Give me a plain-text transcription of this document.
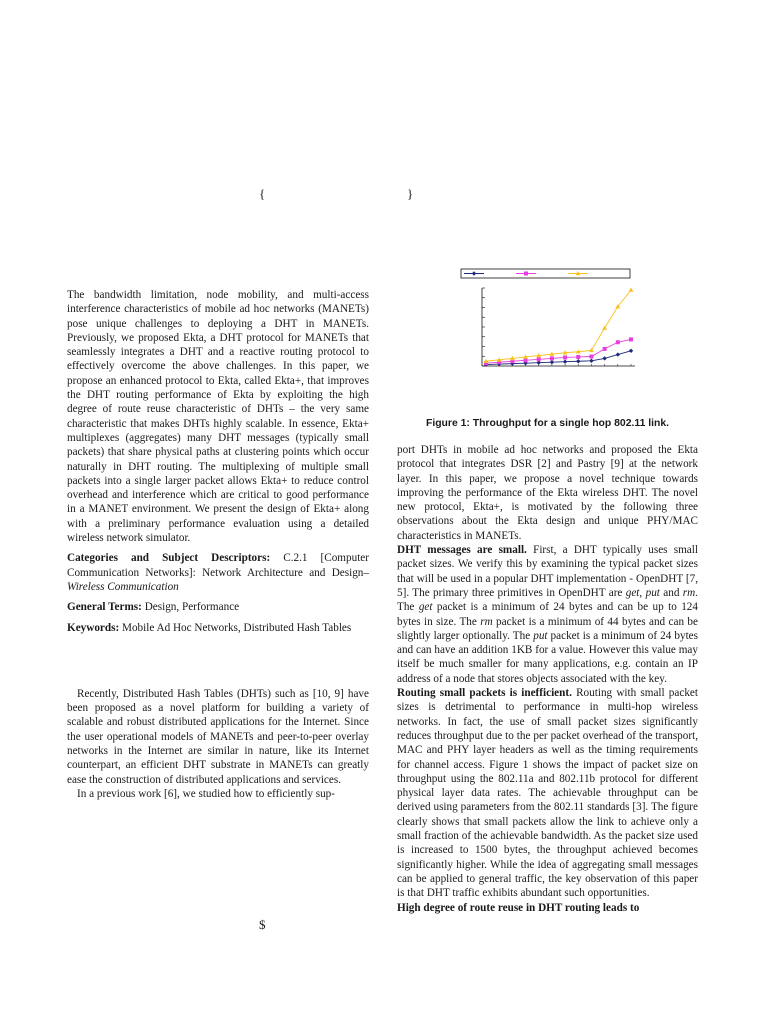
{	}

The bandwidth limitation, node mobility, and multi-access interference characteristics of mobile ad hoc networks (MANETs) pose unique challenges to deploying a DHT in MANETs. Previously, we proposed Ekta, a DHT protocol for MANETs that seamlessly integrates a DHT and a reactive routing protocol to effectively overcome the above challenges. In this paper, we propose an enhanced protocol to Ekta, called Ekta+, that improves the DHT routing performance of Ekta by exploiting the high degree of route reuse characteristic of DHTs – the very same characteristic that makes DHTs highly scalable. In essence, Ekta+ multiplexes (aggregates) many DHT messages (typically small packets) that share physical paths at clustering points which occur naturally in DHT routing. The multiplexing of multiple small packets into a single larger packet allows Ekta+ to reduce control overhead and interference which are critical to good performance in a MANET environment. We present the design of Ekta+ along with a preliminary performance evaluation using a detailed wireless network simulator.

Categories and Subject Descriptors: C.2.1 [Computer Communication Networks]: Network Architecture and Design– Wireless Communication

General Terms: Design, Performance

Keywords: Mobile Ad Hoc Networks, Distributed Hash Tables

Recently, Distributed Hash Tables (DHTs) such as [10, 9] have been proposed as a novel platform for building a variety of scalable and robust distributed applications for the Internet. Since the user operational models of MANETs and peer-to-peer overlay networks in the Internet are similar in nature, like its Internet counterpart, an efficient DHT substrate in MANETs can greatly ease the construction of distributed applications and services.

In a previous work [6], we studied how to efficiently sup-

Figure 1: Throughput for a single hop 802.11 link.

port DHTs in mobile ad hoc networks and proposed the Ekta protocol that integrates DSR [2] and Pastry [9] at the network layer. In this paper, we propose a novel technique towards improving the performance of the Ekta wireless DHT. The novel new protocol, Ekta+, is motivated by the following three observations about the Ekta design and unique PHY/MAC characteristics in MANETs.

DHT messages are small. First, a DHT typically uses small packet sizes. We verify this by examining the typical packet sizes that will be used in a popular DHT implementation - OpenDHT [7, 5]. The primary three primitives in OpenDHT are get, put and rm. The get packet is a minimum of 24 bytes and can be up to 124 bytes in size. The rm packet is a minimum of 44 bytes and can be slightly larger optionally. The put packet is a minimum of 24 bytes and can have an addition 1KB for a value. However this value may itself be much smaller for many applications, e.g. contain an IP address of a node that stores objects associated with the key.

Routing small packets is inefficient. Routing with small packet sizes is detrimental to performance in multi-hop wireless networks. In fact, the use of small packet sizes significantly reduces throughput due to the per packet overhead of the transport, MAC and PHY layer headers as well as the timing requirements for channel access. Figure 1 shows the impact of packet size on throughput using the 802.11a and 802.11b protocol for different physical layer data rates. The achievable throughput can be derived using parameters from the 802.11 standards [3]. The figure clearly shows that small packets allow the link to achieve only a small fraction of the achievable bandwidth. As the packet size used is increased to 1500 bytes, the throughput achieved becomes significantly higher. While the idea of aggregating small messages can be applied to general traffic, the key observation of this paper is that DHT traffic exhibits abundant such opportunities.

High degree of route reuse in DHT routing leads to

$
